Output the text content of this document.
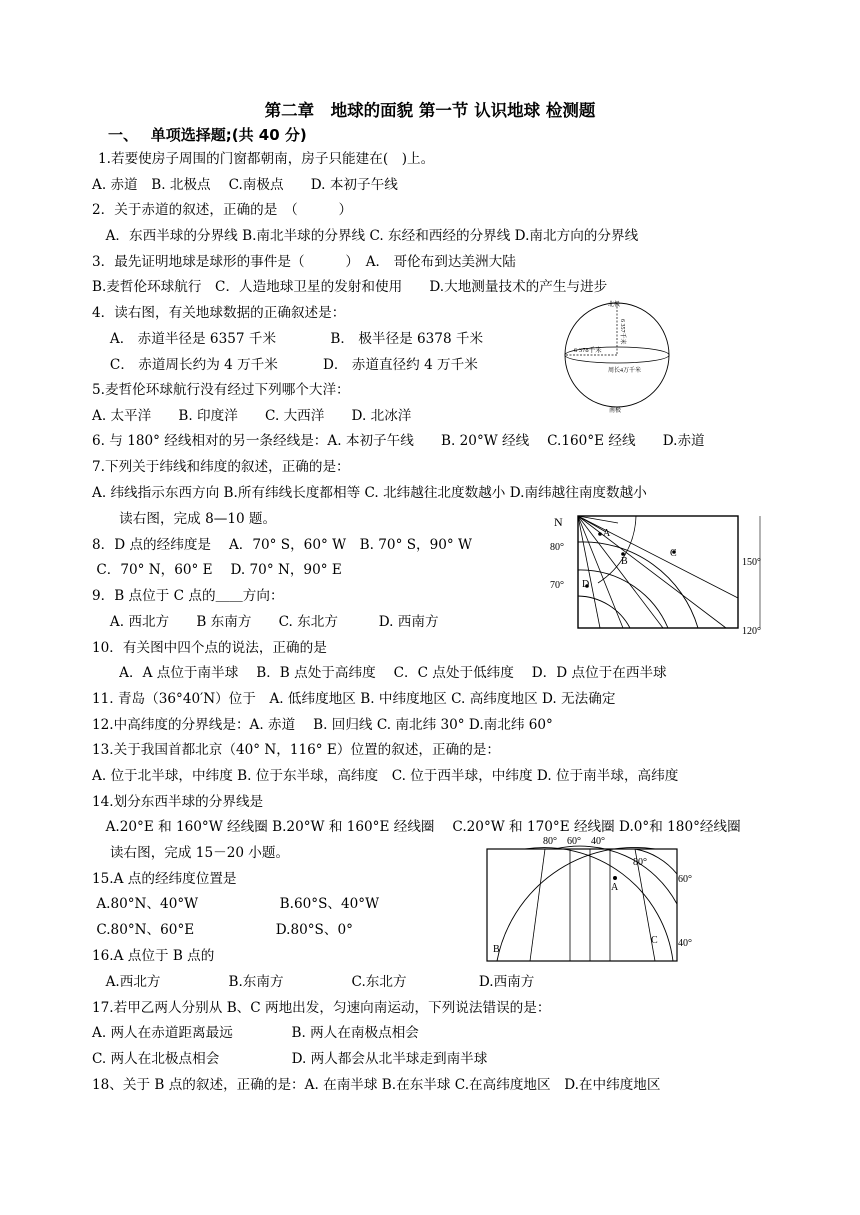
第二章　地球的面貌 第一节 认识地球 检测题
一、　 单项选择题;(共 40 分)
1.若要使房子周围的门窗都朝南，房子只能建在(　)上。
A. 赤道　B. 北极点　 C.南极点　　D. 本初子午线
2．关于赤道的叙述，正确的是　（　　　）
　A．东西半球的分界线 B.南北半球的分界线 C. 东经和西经的分界线 D.南北方向的分界线
3．最先证明地球是球形的事件是（　　　）　A． 哥伦布到达美洲大陆
B.麦哲伦环球航行　C．人造地球卫星的发射和使用　　D.大地测量技术的产生与进步
4．读右图，有关地球数据的正确叙述是：
　 A． 赤道半径是 6357 千米　　　　B． 极半径是 6378 千米
　 C． 赤道周长约为 4 万千米　　　 D． 赤道直径约 4 万千米
5.麦哲伦环球航行没有经过下列哪个大洋：
A. 太平洋　　B. 印度洋　　C. 大西洋　　D. 北冰洋
6. 与 180° 经线相对的另一条经线是：A. 本初子午线　　B. 20°W 经线　 C.160°E 经线　　D.赤道
7.下列关于纬线和纬度的叙述，正确的是：
A. 纬线指示东西方向 B.所有纬线长度都相等 C. 北纬越往北度数越小 D.南纬越往南度数越小
　　读右图，完成 8—10 题。
8．D 点的经纬度是　 A．70° S，60° W　B. 70° S，90° W
C．70° N，60° E　 D. 70° N，90° E
9．B 点位于 C 点的＿＿方向：
　 A. 西北方　　B 东南方　　C. 东北方　　　D. 西南方
10．有关图中四个点的说法，正确的是
　　A．A 点位于南半球　 B．B 点处于高纬度　 C．C 点处于低纬度　 D．D 点位于在西半球
11. 青岛（36°40′N）位于　A. 低纬度地区 B. 中纬度地区 C. 高纬度地区 D. 无法确定
12.中高纬度的分界线是：A. 赤道　 B. 回归线 C. 南北纬 30° D.南北纬 60°
13.关于我国首都北京（40° N，116° E）位置的叙述，正确的是：
A. 位于北半球，中纬度 B. 位于东半球，高纬度　C. 位于西半球，中纬度 D. 位于南半球，高纬度
14.划分东西半球的分界线是
　A.20°E 和 160°W 经线圈 B.20°W 和 160°E 经线圈　 C.20°W 和 170°E 经线圈 D.0°和 180°经线圈
　 读右图，完成 15－20 小题。
15.A 点的经纬度位置是
A.80°N、40°W　　　　　　B.60°S、40°W
C.80°N、60°E　　　　　　D.80°S、0°
16.A 点位于 B 点的
　A.西北方　　　　　B.东南方　　　　　C.东北方　　　　　 D.西南方
17.若甲乙两人分别从 B、C 两地出发，匀速向南运动，下列说法错误的是：
A. 两人在赤道距离最远　　　　 B. 两人在南极点相会
C. 两人在北极点相会　　　　　 D. 两人都会从北半球走到南半球
18、关于 B 点的叙述，正确的是：A. 在南半球 B.在东半球 C.在高纬度地区　D.在中纬度地区
北极
南极
6 378千米
6 357千米
周长4万千米
N
80°
70°
150°
120°
A
B
C
D
80° 60° 40°
80°
60°
40°
A
B
C
